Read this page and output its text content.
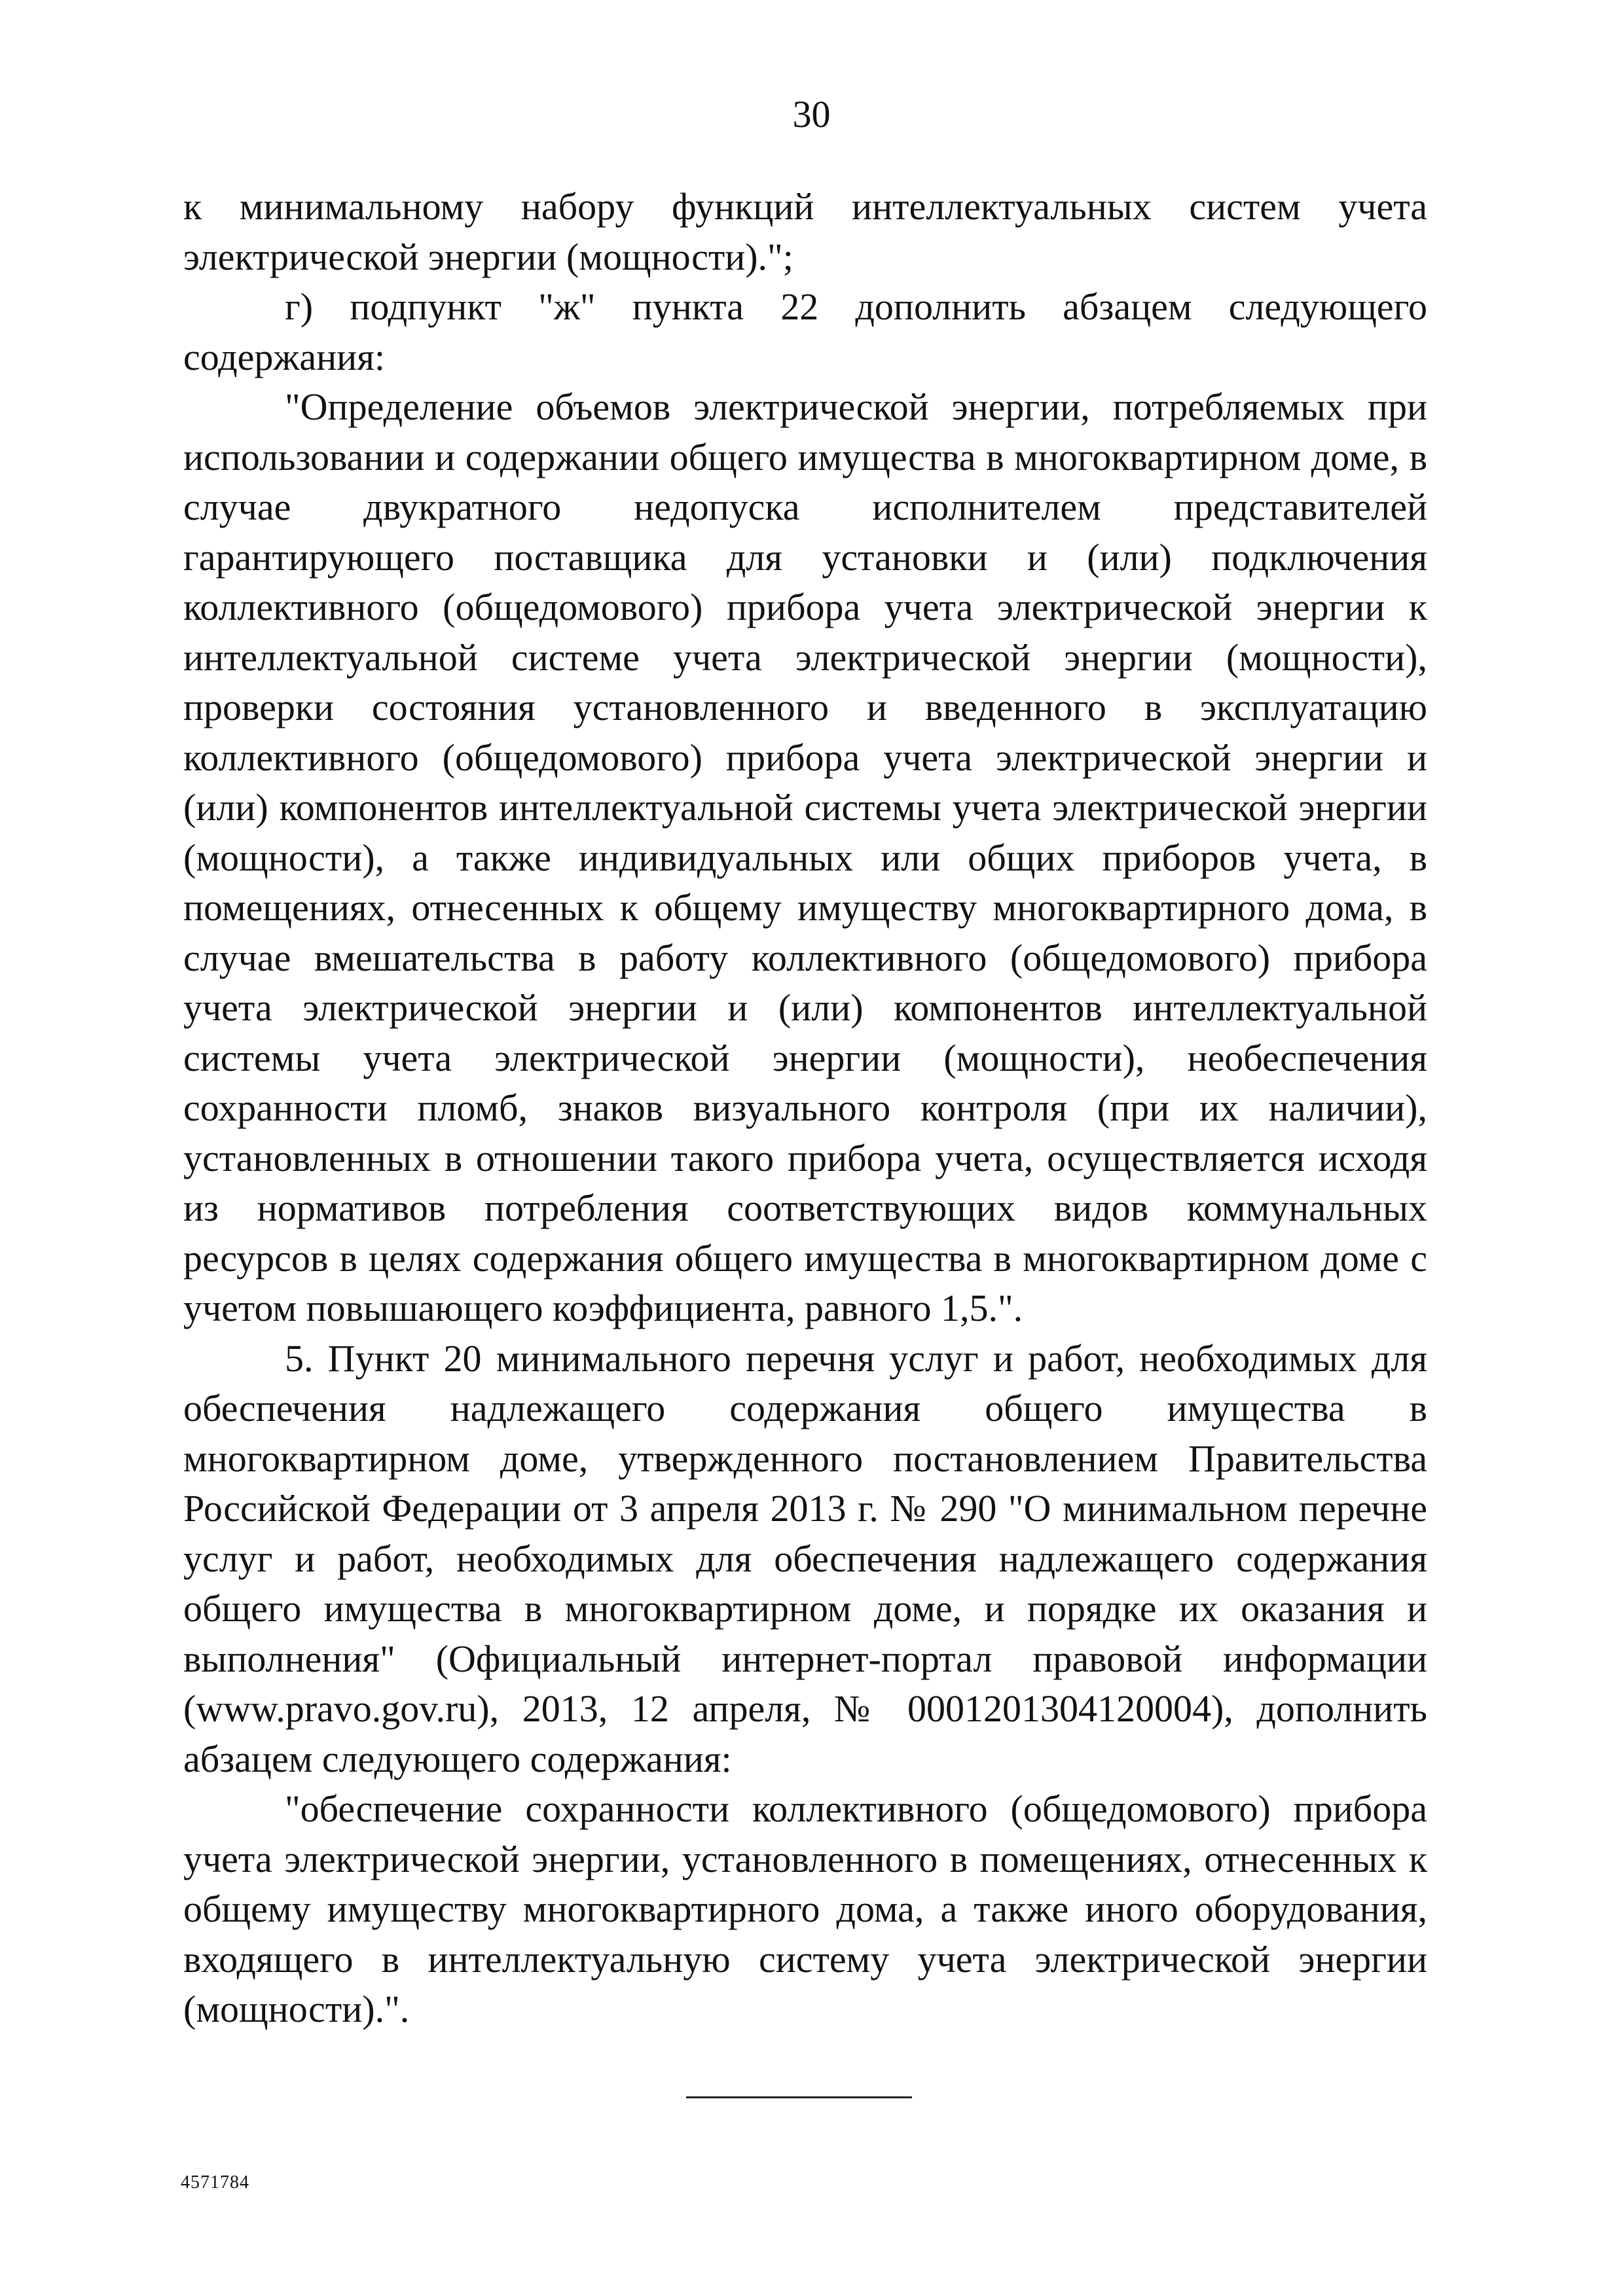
30

к минимальному набору функций интеллектуальных систем учета электрической энергии (мощности).";

г) подпункт "ж" пункта 22 дополнить абзацем следующего содержания:

"Определение объемов электрической энергии, потребляемых при использовании и содержании общего имущества в многоквартирном доме, в случае двукратного недопуска исполнителем представителей гарантирующего поставщика для установки и (или) подключения коллективного (общедомового) прибора учета электрической энергии к интеллектуальной системе учета электрической энергии (мощности), проверки состояния установленного и введенного в эксплуатацию коллективного (общедомового) прибора учета электрической энергии и (или) компонентов интеллектуальной системы учета электрической энергии (мощности), а также индивидуальных или общих приборов учета, в помещениях, отнесенных к общему имуществу многоквартирного дома, в случае вмешательства в работу коллективного (общедомового) прибора учета электрической энергии и (или) компонентов интеллектуальной системы учета электрической энергии (мощности), необеспечения сохранности пломб, знаков визуального контроля (при их наличии), установленных в отношении такого прибора учета, осуществляется исходя из нормативов потребления соответствующих видов коммунальных ресурсов в целях содержания общего имущества в многоквартирном доме с учетом повышающего коэффициента, равного 1,5.".

5. Пункт 20 минимального перечня услуг и работ, необходимых для обеспечения надлежащего содержания общего имущества в многоквартирном доме, утвержденного постановлением Правительства Российской Федерации от 3 апреля 2013 г. № 290 "О минимальном перечне услуг и работ, необходимых для обеспечения надлежащего содержания общего имущества в многоквартирном доме, и порядке их оказания и выполнения" (Официальный интернет-портал правовой информации (www.pravo.gov.ru), 2013, 12 апреля, № 0001201304120004), дополнить абзацем следующего содержания:

"обеспечение сохранности коллективного (общедомового) прибора учета электрической энергии, установленного в помещениях, отнесенных к общему имуществу многоквартирного дома, а также иного оборудования, входящего в интеллектуальную систему учета электрической энергии (мощности).".

4571784
